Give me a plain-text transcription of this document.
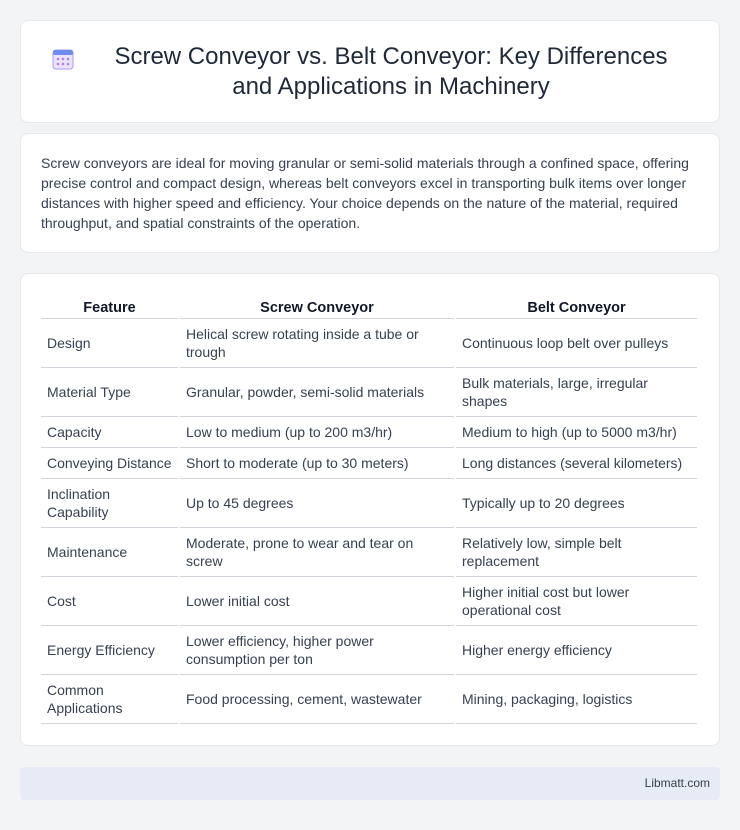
Screw Conveyor vs. Belt Conveyor: Key Differences and Applications in Machinery

Screw conveyors are ideal for moving granular or semi-solid materials through a confined space, offering precise control and compact design, whereas belt conveyors excel in transporting bulk items over longer distances with higher speed and efficiency. Your choice depends on the nature of the material, required throughput, and spatial constraints of the operation.

Feature	Screw Conveyor	Belt Conveyor
Design	Helical screw rotating inside a tube or trough	Continuous loop belt over pulleys
Material Type	Granular, powder, semi-solid materials	Bulk materials, large, irregular shapes
Capacity	Low to medium (up to 200 m3/hr)	Medium to high (up to 5000 m3/hr)
Conveying Distance	Short to moderate (up to 30 meters)	Long distances (several kilometers)
Inclination Capability	Up to 45 degrees	Typically up to 20 degrees
Maintenance	Moderate, prone to wear and tear on screw	Relatively low, simple belt replacement
Cost	Lower initial cost	Higher initial cost but lower operational cost
Energy Efficiency	Lower efficiency, higher power consumption per ton	Higher energy efficiency
Common Applications	Food processing, cement, wastewater	Mining, packaging, logistics
Libmatt.com
